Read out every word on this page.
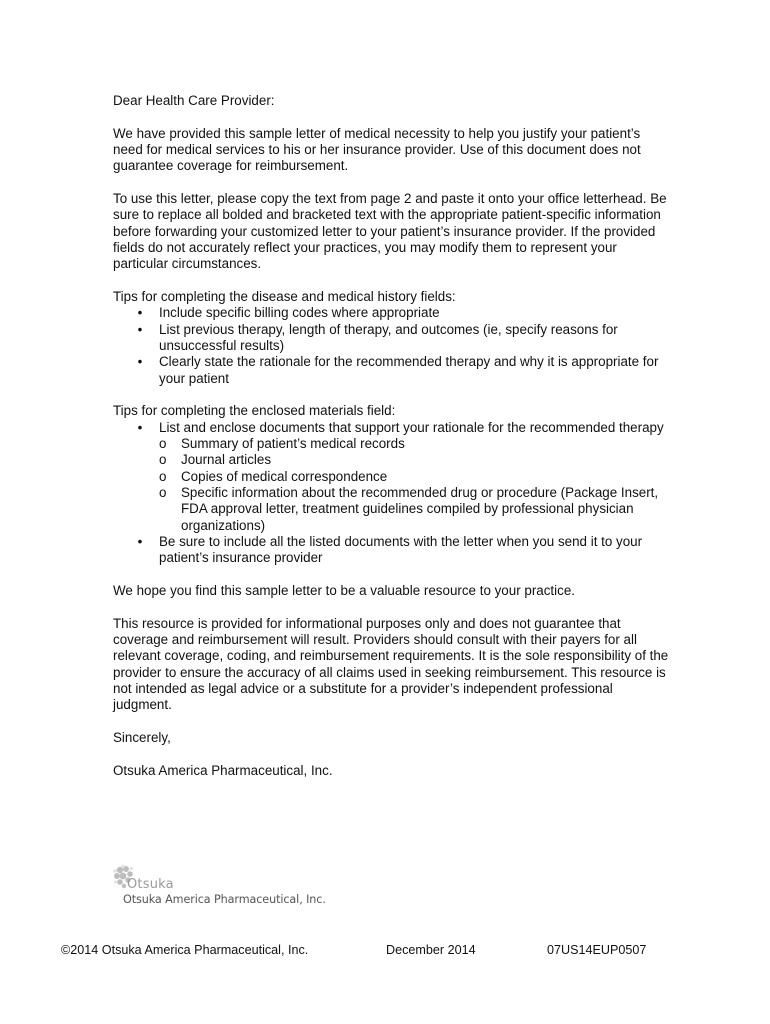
Dear Health Care Provider:

We have provided this sample letter of medical necessity to help you justify your patient’s need for medical services to his or her insurance provider. Use of this document does not guarantee coverage for reimbursement.

To use this letter, please copy the text from page 2 and paste it onto your office letterhead. Be sure to replace all bolded and bracketed text with the appropriate patient-specific information before forwarding your customized letter to your patient’s insurance provider. If the provided fields do not accurately reflect your practices, you may modify them to represent your particular circumstances.

Tips for completing the disease and medical history fields:

• Include specific billing codes where appropriate
• List previous therapy, length of therapy, and outcomes (ie, specify reasons for unsuccessful results)
• Clearly state the rationale for the recommended therapy and why it is appropriate for your patient

Tips for completing the enclosed materials field:

• List and enclose documents that support your rationale for the recommended therapy
o Summary of patient’s medical records
o Journal articles
o Copies of medical correspondence
o Specific information about the recommended drug or procedure (Package Insert, FDA approval letter, treatment guidelines compiled by professional physician organizations)
• Be sure to include all the listed documents with the letter when you send it to your patient’s insurance provider

We hope you find this sample letter to be a valuable resource to your practice.

This resource is provided for informational purposes only and does not guarantee that coverage and reimbursement will result. Providers should consult with their payers for all relevant coverage, coding, and reimbursement requirements. It is the sole responsibility of the provider to ensure the accuracy of all claims used in seeking reimbursement. This resource is not intended as legal advice or a substitute for a provider’s independent professional judgment.

Sincerely,

Otsuka America Pharmaceutical, Inc.

Otsuka
Otsuka America Pharmaceutical, Inc.
©2014 Otsuka America Pharmaceutical, Inc.	December 2014	07US14EUP0507
